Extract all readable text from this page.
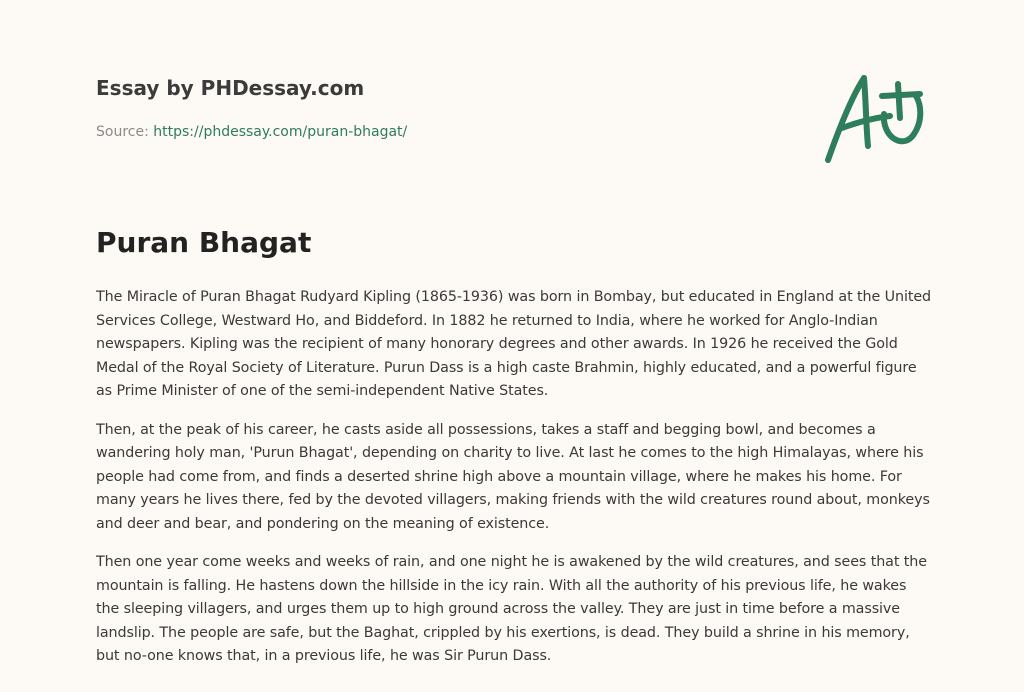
Essay by PHDessay.com
Source: https://phdessay.com/puran-bhagat/
Puran Bhagat

The Miracle of Puran Bhagat Rudyard Kipling (1865-1936) was born in Bombay, but educated in England at the United Services College, Westward Ho, and Biddeford. In 1882 he returned to India, where he worked for Anglo-Indian newspapers. Kipling was the recipient of many honorary degrees and other awards. In 1926 he received the Gold Medal of the Royal Society of Literature. Purun Dass is a high caste Brahmin, highly educated, and a powerful figure as Prime Minister of one of the semi-independent Native States.

Then, at the peak of his career, he casts aside all possessions, takes a staff and begging bowl, and becomes a wandering holy man, 'Purun Bhagat', depending on charity to live. At last he comes to the high Himalayas, where his people had come from, and finds a deserted shrine high above a mountain village, where he makes his home. For many years he lives there, fed by the devoted villagers, making friends with the wild creatures round about, monkeys and deer and bear, and pondering on the meaning of existence.

Then one year come weeks and weeks of rain, and one night he is awakened by the wild creatures, and sees that the mountain is falling. He hastens down the hillside in the icy rain. With all the authority of his previous life, he wakes the sleeping villagers, and urges them up to high ground across the valley. They are just in time before a massive landslip. The people are safe, but the Baghat, crippled by his exertions, is dead. They build a shrine in his memory, but no-one knows that, in a previous life, he was Sir Purun Dass.
